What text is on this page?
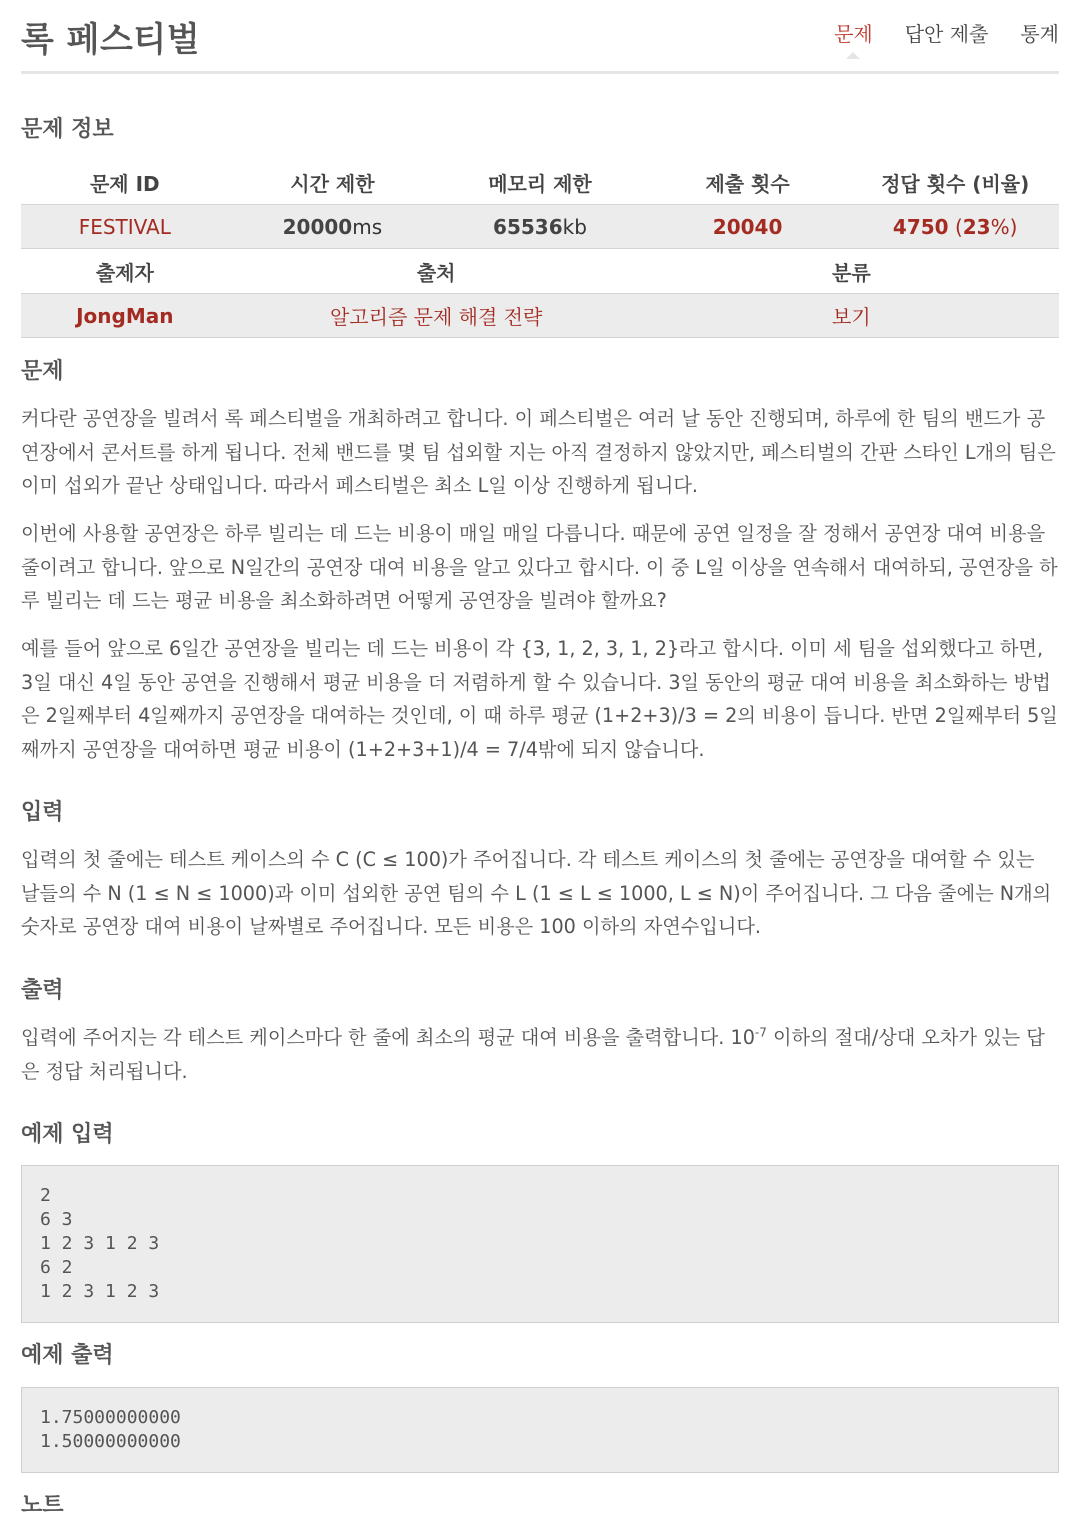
록 페스티벌	문제 답안 제출 통계
문제 정보
문제 ID	시간 제한	메모리 제한	제출 횟수	정답 횟수 (비율)
FESTIVAL	20000ms	65536kb	20040	4750 (23%)
출제자	출처	분류
JongMan	알고리즘 문제 해결 전략	보기
문제
커다란 공연장을 빌려서 록 페스티벌을 개최하려고 합니다. 이 페스티벌은 여러 날 동안 진행되며, 하루에 한 팀의 밴드가 공연장에서 콘서트를 하게 됩니다. 전체 밴드를 몇 팀 섭외할 지는 아직 결정하지 않았지만, 페스티벌의 간판 스타인 L개의 팀은 이미 섭외가 끝난 상태입니다. 따라서 페스티벌은 최소 L일 이상 진행하게 됩니다.
이번에 사용할 공연장은 하루 빌리는 데 드는 비용이 매일 매일 다릅니다. 때문에 공연 일정을 잘 정해서 공연장 대여 비용을 줄이려고 합니다. 앞으로 N일간의 공연장 대여 비용을 알고 있다고 합시다. 이 중 L일 이상을 연속해서 대여하되, 공연장을 하루 빌리는 데 드는 평균 비용을 최소화하려면 어떻게 공연장을 빌려야 할까요?
예를 들어 앞으로 6일간 공연장을 빌리는 데 드는 비용이 각 {3, 1, 2, 3, 1, 2}라고 합시다. 이미 세 팀을 섭외했다고 하면, 3일 대신 4일 동안 공연을 진행해서 평균 비용을 더 저렴하게 할 수 있습니다. 3일 동안의 평균 대여 비용을 최소화하는 방법은 2일째부터 4일째까지 공연장을 대여하는 것인데, 이 때 하루 평균 (1+2+3)/3 = 2의 비용이 듭니다. 반면 2일째부터 5일째까지 공연장을 대여하면 평균 비용이 (1+2+3+1)/4 = 7/4밖에 되지 않습니다.
입력
입력의 첫 줄에는 테스트 케이스의 수 C (C ≤ 100)가 주어집니다. 각 테스트 케이스의 첫 줄에는 공연장을 대여할 수 있는 날들의 수 N (1 ≤ N ≤ 1000)과 이미 섭외한 공연 팀의 수 L (1 ≤ L ≤ 1000, L ≤ N)이 주어집니다. 그 다음 줄에는 N개의 숫자로 공연장 대여 비용이 날짜별로 주어집니다. 모든 비용은 100 이하의 자연수입니다.
출력
입력에 주어지는 각 테스트 케이스마다 한 줄에 최소의 평균 대여 비용을 출력합니다. $10^{-7}$ 이하의 절대/상대 오차가 있는 답은 정답 처리됩니다.
예제 입력
2
6 3
1 2 3 1 2 3
6 2
1 2 3 1 2 3
예제 출력
1.75000000000
1.50000000000
노트
